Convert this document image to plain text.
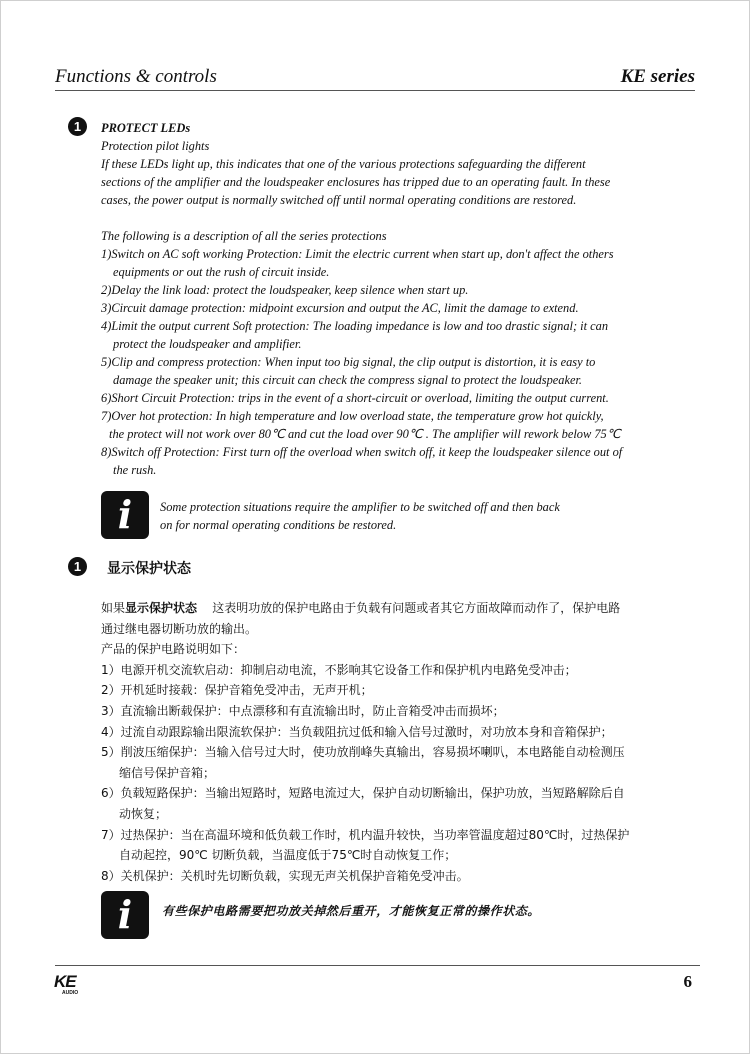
Functions & controls	KE series
1	PROTECT LEDs
Protection pilot lights
If these LEDs light up, this indicates that one of the various protections safeguarding the different
sections of the amplifier and the loudspeaker enclosures has tripped due to an operating fault. In these
cases, the power output is normally switched off until normal operating conditions are restored.
The following is a description of all the series protections
1)Switch on AC soft working Protection: Limit the electric current when start up, don't affect the others
equipments or out the rush of circuit inside.
2)Delay the link load: protect the loudspeaker, keep silence when start up.
3)Circuit damage protection: midpoint excursion and output the AC, limit the damage to extend.
4)Limit the output current Soft protection: The loading impedance is low and too drastic signal; it can
protect the loudspeaker and amplifier.
5)Clip and compress protection: When input too big signal, the clip output is distortion, it is easy to
damage the speaker unit; this circuit can check the compress signal to protect the loudspeaker.
6)Short Circuit Protection: trips in the event of a short-circuit or overload, limiting the output current.
7)Over hot protection: In high temperature and low overload state, the temperature grow hot quickly,
the protect will not work over 80℃ and cut the load over 90℃ . The amplifier will rework below 75℃
8)Switch off Protection: First turn off the overload when switch off, it keep the loudspeaker silence out of
the rush.
i	Some protection situations require the amplifier to be switched off and then back
on for normal operating conditions be restored.
1	显示保护状态
如果显示保护状态    这表明功放的保护电路由于负载有问题或者其它方面故障而动作了，保护电路
通过继电器切断功放的输出。
产品的保护电路说明如下：
1）电源开机交流软启动：抑制启动电流，不影响其它设备工作和保护机内电路免受冲击；
2）开机延时接载：保护音箱免受冲击，无声开机；
3）直流输出断载保护：中点漂移和有直流输出时，防止音箱受冲击而损坏；
4）过流自动跟踪输出限流软保护：当负载阻抗过低和输入信号过激时，对功放本身和音箱保护；
5）削波压缩保护：当输入信号过大时，使功放削峰失真输出，容易损坏喇叭，本电路能自动检测压
缩信号保护音箱；
6）负载短路保护：当输出短路时，短路电流过大，保护自动切断输出，保护功放，当短路解除后自
动恢复；
7）过热保护：当在高温环境和低负载工作时，机内温升较快，当功率管温度超过80℃时，过热保护
自动起控，90℃ 切断负载，当温度低于75℃时自动恢复工作；
8）关机保护：关机时先切断负载，实现无声关机保护音箱免受冲击。
i	有些保护电路需要把功放关掉然后重开，才能恢复正常的操作状态。
KE
AUDIO
6
